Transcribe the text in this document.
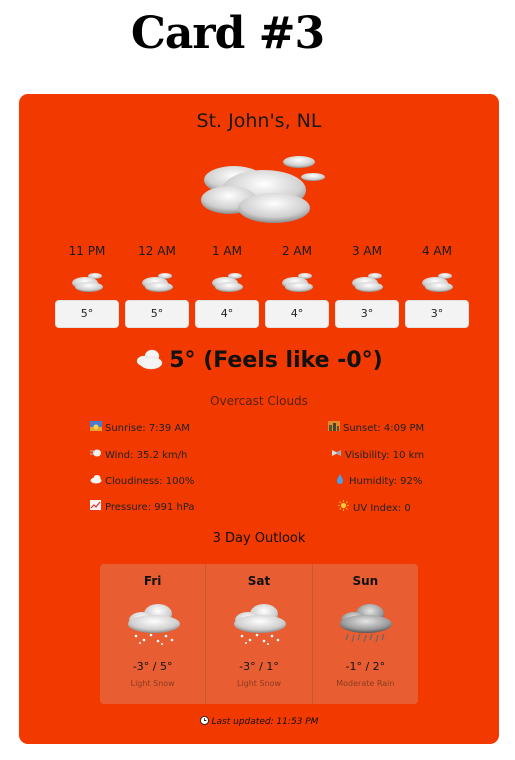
Card #3
St. John's, NL
11 PM
5°
12 AM
5°
1 AM
4°
2 AM
4°
3 AM
3°
4 AM
3°
5° (Feels like -0°)
Overcast Clouds
Sunrise: 7:39 AM	Sunset: 4:09 PM
Wind: 35.2 km/h	Visibility: 10 km
Cloudiness: 100%	Humidity: 92%
Pressure: 991 hPa	UV Index: 0
3 Day Outlook
Fri
-3° / 5°
Light Snow
Sat
-3° / 1°
Light Snow
Sun
-1° / 2°
Moderate Rain
Last updated: 11:53 PM
